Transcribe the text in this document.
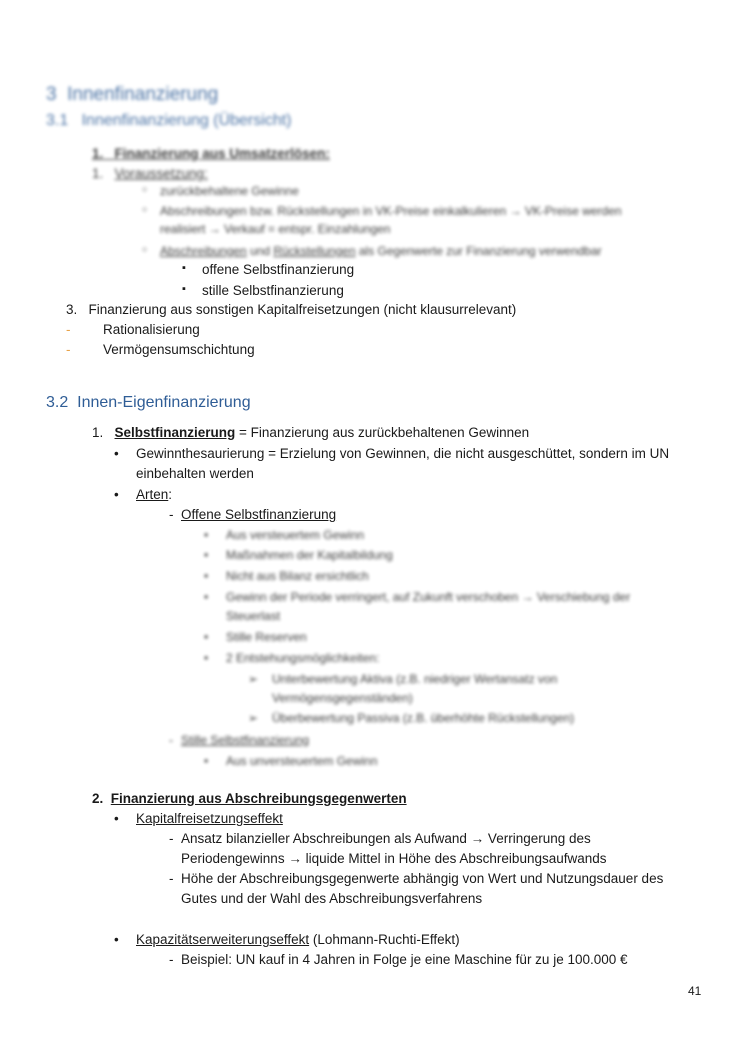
3 Innenfinanzierung
3.1 Innenfinanzierung (Übersicht)
1. Finanzierung aus Umsatzerlösen:
1. Voraussetzung:
○ zurückbehaltene Gewinne
○ Abschreibungen bzw. Rückstellungen in VK-Preise einkalkulieren → VK-Preise werden
realisiert → Verkauf = entspr. Einzahlungen
○ Abschreibungen und Rückstellungen als Gegenwerte zur Finanzierung verwendbar
▪ offene Selbstfinanzierung
▪ stille Selbstfinanzierung
3. Finanzierung aus sonstigen Kapitalfreisetzungen (nicht klausurrelevant)
- Rationalisierung
- Vermögensumschichtung
3.2 Innen-Eigenfinanzierung
1. Selbstfinanzierung = Finanzierung aus zurückbehaltenen Gewinnen
• Gewinnthesaurierung = Erzielung von Gewinnen, die nicht ausgeschüttet, sondern im UN
einbehalten werden
• Arten:
- Offene Selbstfinanzierung
• Aus versteuertem Gewinn
• Maßnahmen der Kapitalbildung
• Nicht aus Bilanz ersichtlich
• Gewinn der Periode verringert, auf Zukunft verschoben → Verschiebung der
Steuerlast
• Stille Reserven
• 2 Entstehungsmöglichkeiten:
➢ Unterbewertung Aktiva (z.B. niedriger Wertansatz von
Vermögensgegenständen)
➢ Überbewertung Passiva (z.B. überhöhte Rückstellungen)
- Stille Selbstfinanzierung
• Aus unversteuertem Gewinn
2. Finanzierung aus Abschreibungsgegenwerten
• Kapitalfreisetzungseffekt
- Ansatz bilanzieller Abschreibungen als Aufwand → Verringerung des
Periodengewinns → liquide Mittel in Höhe des Abschreibungsaufwands
- Höhe der Abschreibungsgegenwerte abhängig von Wert und Nutzungsdauer des
Gutes und der Wahl des Abschreibungsverfahrens
• Kapazitätserweiterungseffekt (Lohmann-Ruchti-Effekt)
- Beispiel: UN kauf in 4 Jahren in Folge je eine Maschine für zu je 100.000 €
41
